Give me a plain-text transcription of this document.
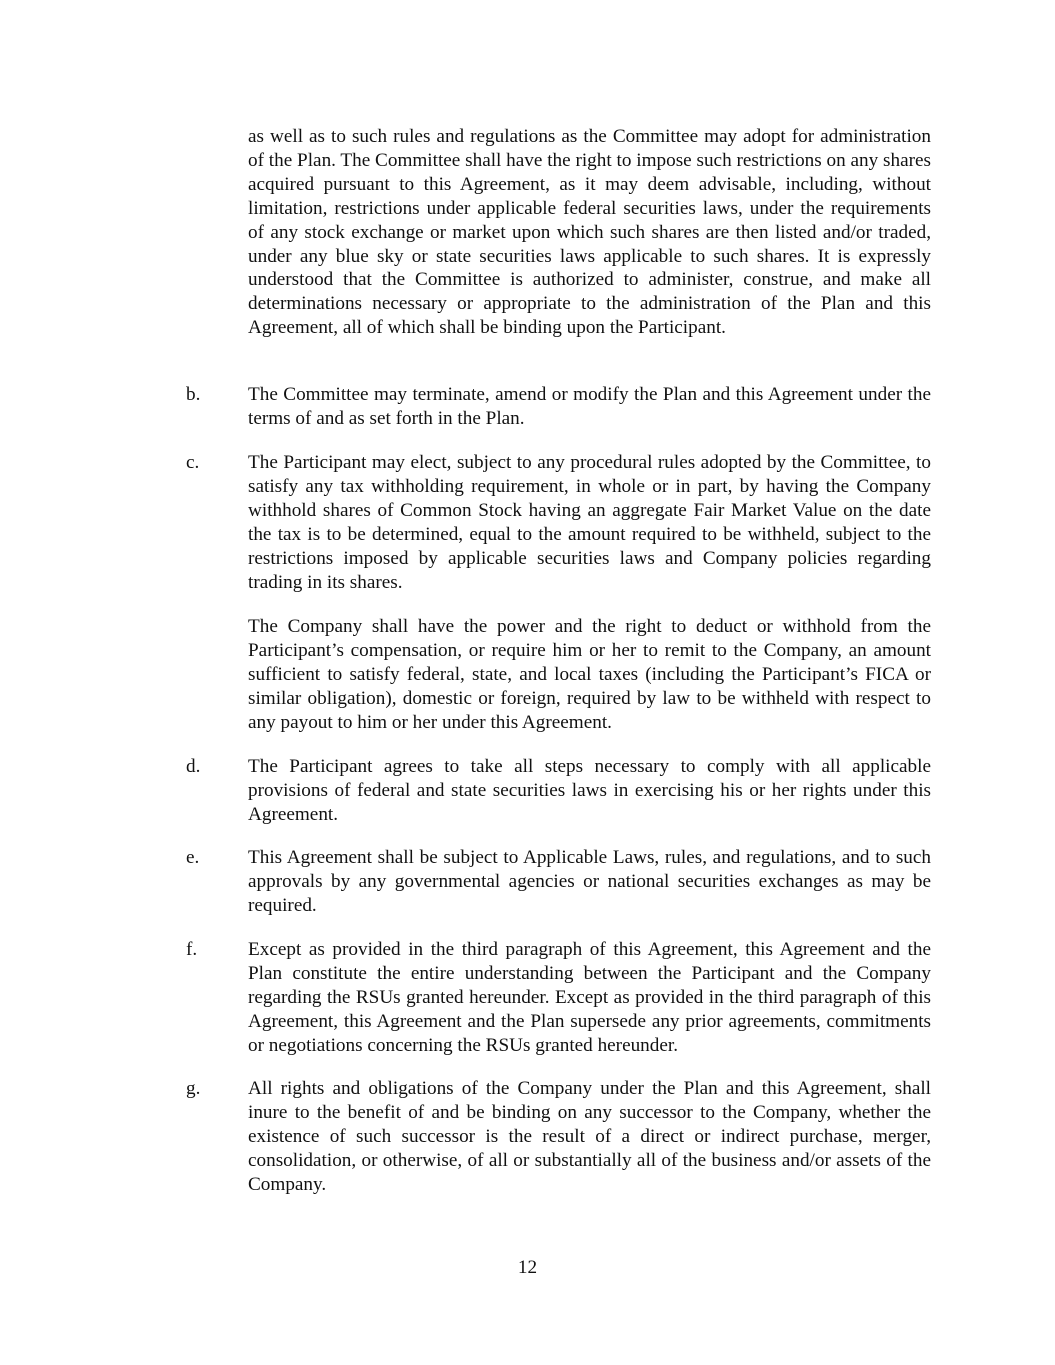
as well as to such rules and regulations as the Committee may adopt for administration of the Plan. The Committee shall have the right to impose such restrictions on any shares acquired pursuant to this Agreement, as it may deem advisable, including, without limitation, restrictions under applicable federal securities laws, under the requirements of any stock exchange or market upon which such shares are then listed and/or traded, under any blue sky or state securities laws applicable to such shares. It is expressly understood that the Committee is authorized to administer, construe, and make all determinations necessary or appropriate to the administration of the Plan and this Agreement, all of which shall be binding upon the Participant.

b.	The Committee may terminate, amend or modify the Plan and this Agreement under the terms of and as set forth in the Plan.

c.	The Participant may elect, subject to any procedural rules adopted by the Committee, to satisfy any tax withholding requirement, in whole or in part, by having the Company withhold shares of Common Stock having an aggregate Fair Market Value on the date the tax is to be determined, equal to the amount required to be withheld, subject to the restrictions imposed by applicable securities laws and Company policies regarding trading in its shares.

The Company shall have the power and the right to deduct or withhold from the Participant’s compensation, or require him or her to remit to the Company, an amount sufficient to satisfy federal, state, and local taxes (including the Participant’s FICA or similar obligation), domestic or foreign, required by law to be withheld with respect to any payout to him or her under this Agreement.

d.	The Participant agrees to take all steps necessary to comply with all applicable provisions of federal and state securities laws in exercising his or her rights under this Agreement.

e.	This Agreement shall be subject to Applicable Laws, rules, and regulations, and to such approvals by any governmental agencies or national securities exchanges as may be required.

f.	Except as provided in the third paragraph of this Agreement, this Agreement and the Plan constitute the entire understanding between the Participant and the Company regarding the RSUs granted hereunder. Except as provided in the third paragraph of this Agreement, this Agreement and the Plan supersede any prior agreements, commitments or negotiations concerning the RSUs granted hereunder.

g.	All rights and obligations of the Company under the Plan and this Agreement, shall inure to the benefit of and be binding on any successor to the Company, whether the existence of such successor is the result of a direct or indirect purchase, merger, consolidation, or otherwise, of all or substantially all of the business and/or assets of the Company.

12
